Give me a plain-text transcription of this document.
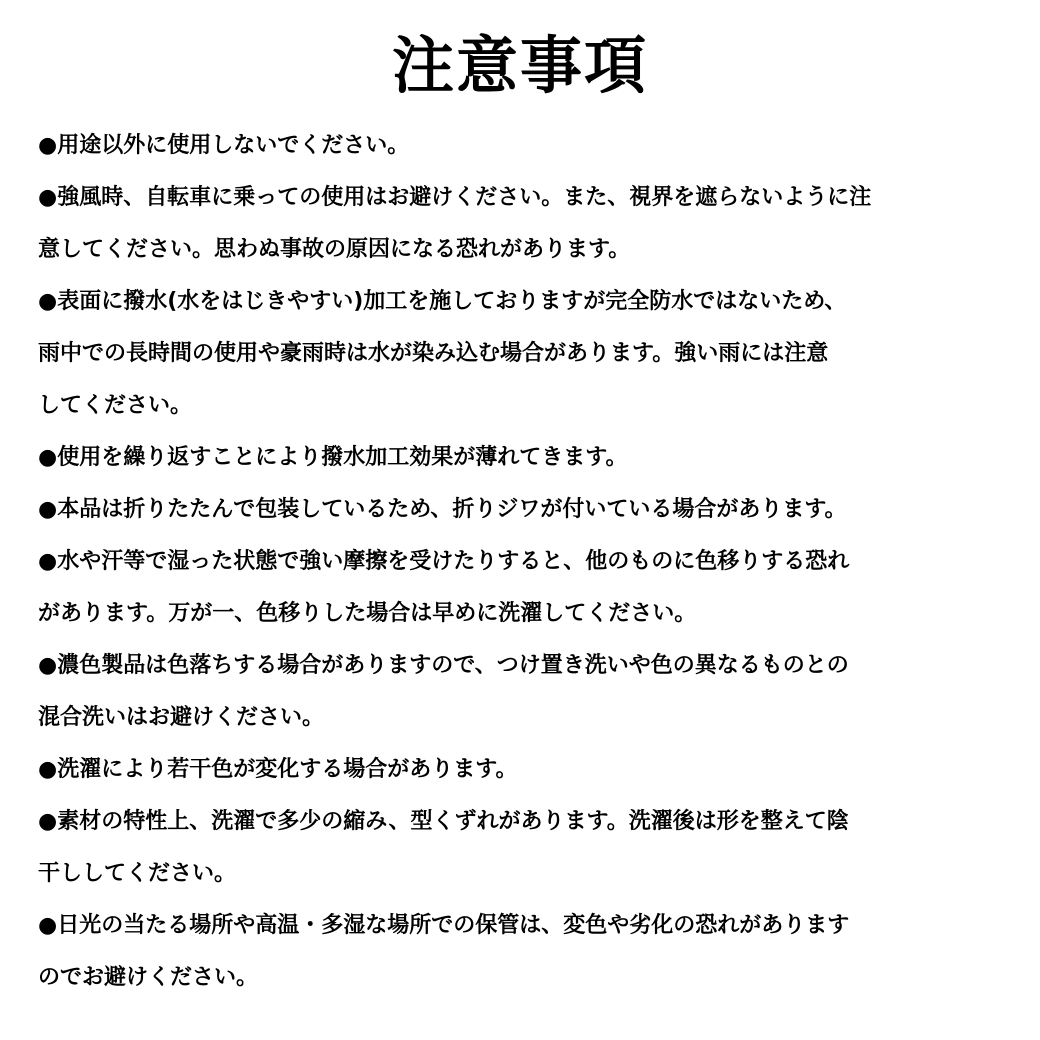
注意事項
●用途以外に使用しないでください。
●強風時、自転車に乗っての使用はお避けください。また、視界を遮らないように注
意してください。思わぬ事故の原因になる恐れがあります。
●表面に撥水(水をはじきやすい)加工を施しておりますが完全防水ではないため、
雨中での長時間の使用や豪雨時は水が染み込む場合があります。強い雨には注意
してください。
●使用を繰り返すことにより撥水加工効果が薄れてきます。
●本品は折りたたんで包装しているため、折りジワが付いている場合があります。
●水や汗等で湿った状態で強い摩擦を受けたりすると、他のものに色移りする恐れ
があります。万が一、色移りした場合は早めに洗濯してください。
●濃色製品は色落ちする場合がありますので、つけ置き洗いや色の異なるものとの
混合洗いはお避けください。
●洗濯により若干色が変化する場合があります。
●素材の特性上、洗濯で多少の縮み、型くずれがあります。洗濯後は形を整えて陰
干ししてください。
●日光の当たる場所や高温・多湿な場所での保管は、変色や劣化の恐れがあります
のでお避けください。
